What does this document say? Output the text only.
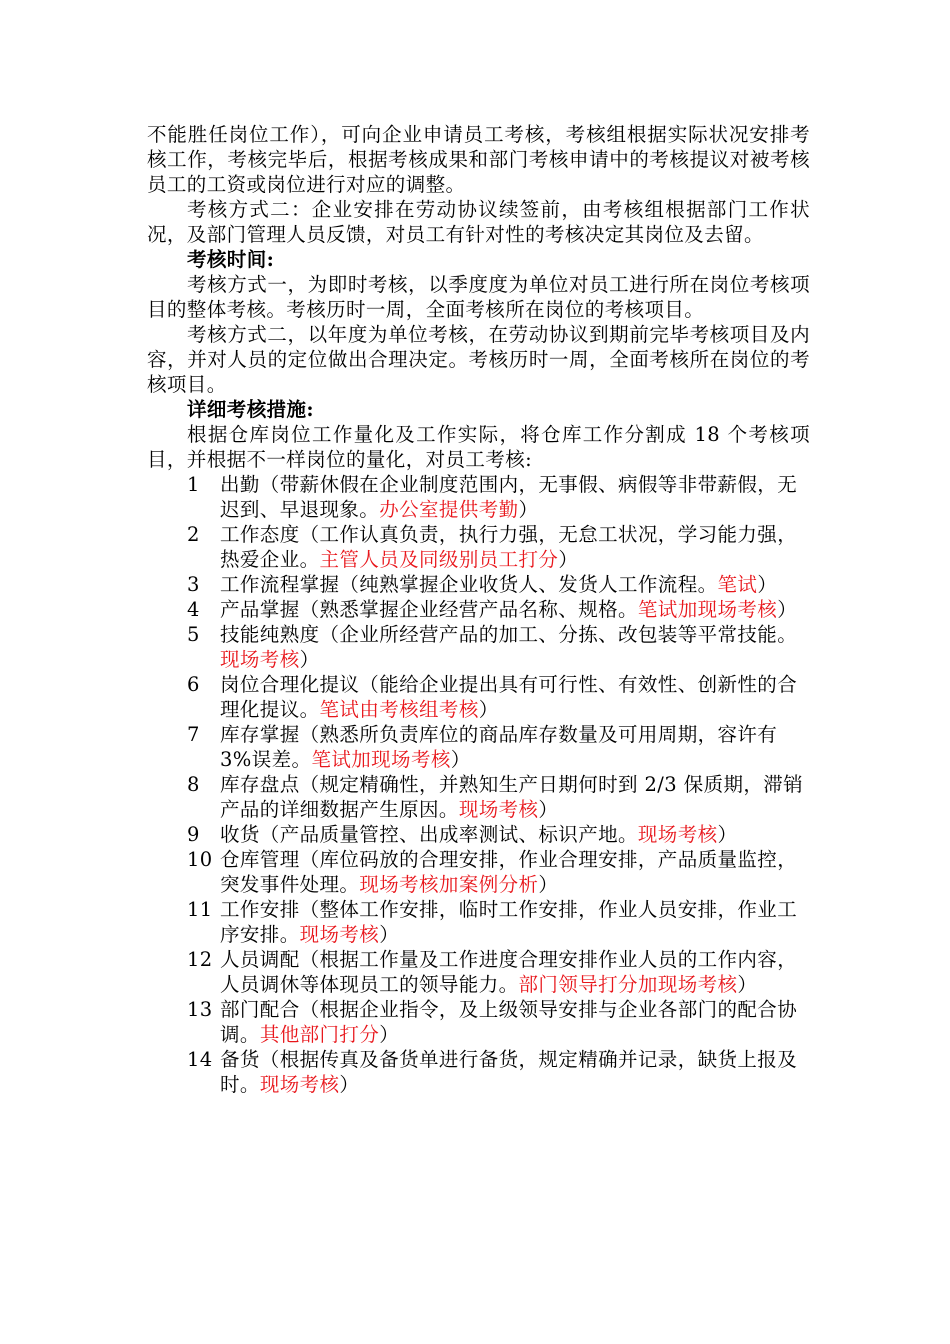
不能胜任岗位工作），可向企业申请员工考核，考核组根据实际状况安排考核工作，考核完毕后，根据考核成果和部门考核申请中的考核提议对被考核员工的工资或岗位进行对应的调整。

考核方式二：企业安排在劳动协议续签前，由考核组根据部门工作状况，及部门管理人员反馈，对员工有针对性的考核决定其岗位及去留。

考核时间:

考核方式一，为即时考核，以季度度为单位对员工进行所在岗位考核项目的整体考核。考核历时一周，全面考核所在岗位的考核项目。

考核方式二，以年度为单位考核，在劳动协议到期前完毕考核项目及内容，并对人员的定位做出合理决定。考核历时一周，全面考核所在岗位的考核项目。

详细考核措施:

根据仓库岗位工作量化及工作实际，将仓库工作分割成 18 个考核项目，并根据不一样岗位的量化，对员工考核:

1	出勤（带薪休假在企业制度范围内，无事假、病假等非带薪假，无迟到、早退现象。办公室提供考勤）
2	工作态度（工作认真负责，执行力强，无怠工状况，学习能力强，热爱企业。主管人员及同级别员工打分）
3	工作流程掌握（纯熟掌握企业收货人、发货人工作流程。笔试）
4	产品掌握（熟悉掌握企业经营产品名称、规格。笔试加现场考核）
5	技能纯熟度（企业所经营产品的加工、分拣、改包装等平常技能。现场考核）
6	岗位合理化提议（能给企业提出具有可行性、有效性、创新性的合理化提议。笔试由考核组考核）
7	库存掌握（熟悉所负责库位的商品库存数量及可用周期，容许有 3%误差。笔试加现场考核）
8	库存盘点（规定精确性，并熟知生产日期何时到 2/3 保质期，滞销产品的详细数据产生原因。现场考核）
9	收货（产品质量管控、出成率测试、标识产地。现场考核）
10 仓库管理（库位码放的合理安排，作业合理安排，产品质量监控，突发事件处理。现场考核加案例分析）
11 工作安排（整体工作安排，临时工作安排，作业人员安排，作业工序安排。现场考核）
12 人员调配（根据工作量及工作进度合理安排作业人员的工作内容，人员调休等体现员工的领导能力。部门领导打分加现场考核）
13 部门配合（根据企业指令，及上级领导安排与企业各部门的配合协调。其他部门打分）
14 备货（根据传真及备货单进行备货，规定精确并记录，缺货上报及时。现场考核）
